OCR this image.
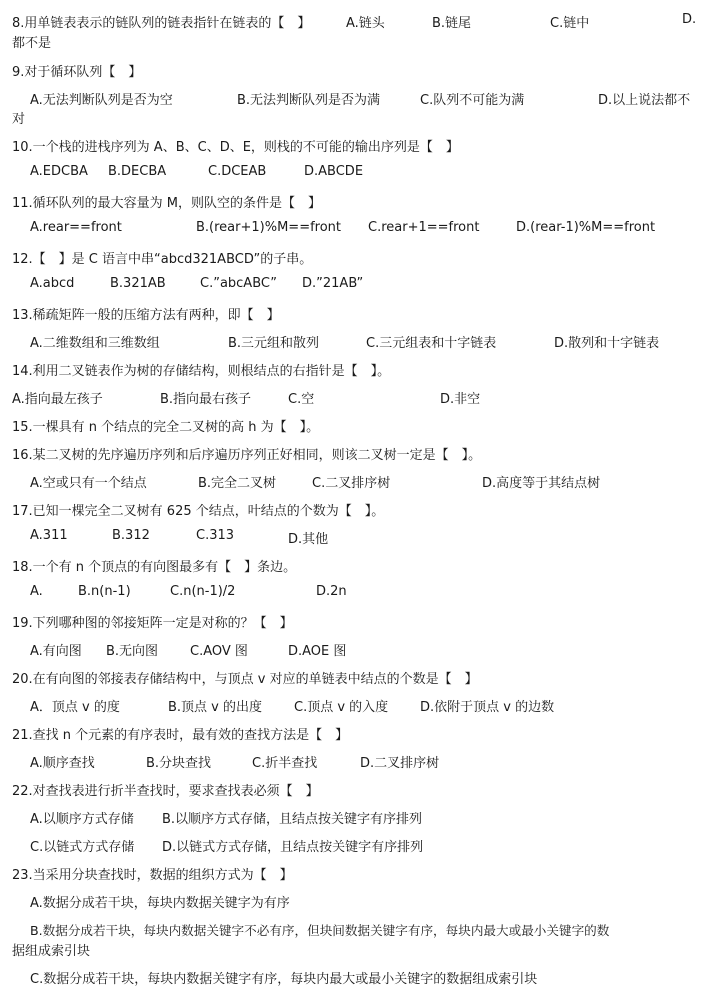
8.用单链表表示的链队列的链表指针在链表的【　】	A.链头	B.链尾	C.链中	D.
都不是
9.对于循环队列【　】
A.无法判断队列是否为空	B.无法判断队列是否为满	C.队列不可能为满	D.以上说法都不
对
10.一个栈的进栈序列为 A、B、C、D、E，则栈的不可能的输出序列是【　】
A.EDCBA B.DECBA	C.DCEAB	D.ABCDE
11.循环队列的最大容量为 M，则队空的条件是【　】
A.rear==front	B.(rear+1)%M==front C.rear+1==front	D.(rear-1)%M==front
12.【　】是 C 语言中串“abcd321ABCD”的子串。
A.abcd	B.321AB	C.”abcABC” D.”21AB”
13.稀疏矩阵一般的压缩方法有两种，即【　】
A.二维数组和三维数组	B.三元组和散列	C.三元组表和十字链表	D.散列和十字链表
14.利用二叉链表作为树的存储结构，则根结点的右指针是【　】。
A.指向最左孩子	B.指向最右孩子	C.空	D.非空
15.一棵具有 n 个结点的完全二叉树的高 h 为【　】。
16.某二叉树的先序遍历序列和后序遍历序列正好相同，则该二叉树一定是【　】。
A.空或只有一个结点	B.完全二叉树	C.二叉排序树	D.高度等于其结点树
17.已知一棵完全二叉树有 625 个结点，叶结点的个数为【　】。
A.311	B.312	C.313	D.其他
18.一个有 n 个顶点的有向图最多有【　】条边。
A.	B.n(n-1)	C.n(n-1)/2	D.2n
19.下列哪种图的邻接矩阵一定是对称的？【　】
A.有向图 B.无向图 C.AOV 图	D.AOE 图
20.在有向图的邻接表存储结构中，与顶点 v 对应的单链表中结点的个数是【　】
A．顶点 v 的度	B.顶点 v 的出度 C.顶点 v 的入度 D.依附于顶点 v 的边数
21.查找 n 个元素的有序表时，最有效的查找方法是【　】
A.顺序查找	B.分块查找	C.折半查找	D.二叉排序树
22.对查找表进行折半查找时，要求查找表必须【　】
A.以顺序方式存储 B.以顺序方式存储，且结点按关键字有序排列
C.以链式方式存储 D.以链式方式存储，且结点按关键字有序排列
23.当采用分块查找时，数据的组织方式为【　】
A.数据分成若干块，每块内数据关键字为有序
B.数据分成若干块，每块内数据关键字不必有序，但块间数据关键字有序，每块内最大或最小关键字的数
据组成索引块
C.数据分成若干块，每块内数据关键字有序，每块内最大或最小关键字的数据组成索引块
